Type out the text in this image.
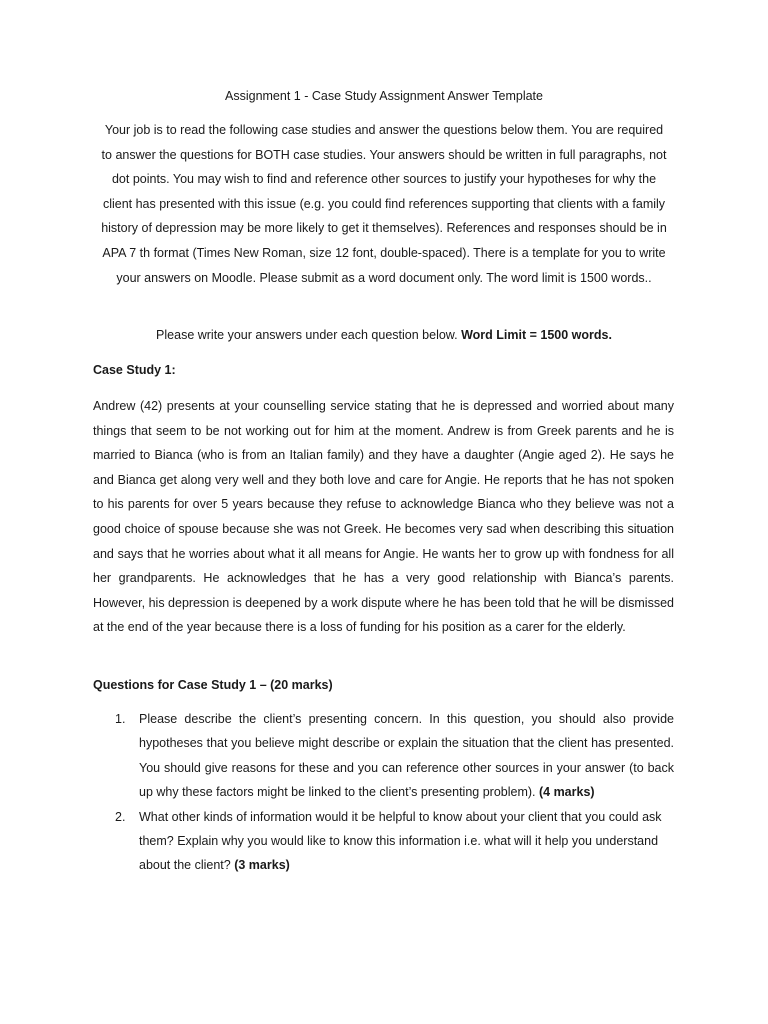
Assignment 1 - Case Study Assignment Answer Template

Your job is to read the following case studies and answer the questions below them. You are required to answer the questions for BOTH case studies. Your answers should be written in full paragraphs, not dot points. You may wish to find and reference other sources to justify your hypotheses for why the client has presented with this issue (e.g. you could find references supporting that clients with a family history of depression may be more likely to get it themselves). References and responses should be in APA 7 th format (Times New Roman, size 12 font, double-spaced). There is a template for you to write your answers on Moodle. Please submit as a word document only. The word limit is 1500 words..

Please write your answers under each question below. Word Limit = 1500 words.

Case Study 1:

Andrew (42) presents at your counselling service stating that he is depressed and worried about many things that seem to be not working out for him at the moment. Andrew is from Greek parents and he is married to Bianca (who is from an Italian family) and they have a daughter (Angie aged 2). He says he and Bianca get along very well and they both love and care for Angie. He reports that he has not spoken to his parents for over 5 years because they refuse to acknowledge Bianca who they believe was not a good choice of spouse because she was not Greek. He becomes very sad when describing this situation and says that he worries about what it all means for Angie. He wants her to grow up with fondness for all her grandparents. He acknowledges that he has a very good relationship with Bianca’s parents. However, his depression is deepened by a work dispute where he has been told that he will be dismissed at the end of the year because there is a loss of funding for his position as a carer for the elderly.

Questions for Case Study 1 – (20 marks)

1. Please describe the client’s presenting concern. In this question, you should also provide hypotheses that you believe might describe or explain the situation that the client has presented. You should give reasons for these and you can reference other sources in your answer (to back up why these factors might be linked to the client’s presenting problem). (4 marks)
2. What other kinds of information would it be helpful to know about your client that you could ask them? Explain why you would like to know this information i.e. what will it help you understand about the client? (3 marks)
